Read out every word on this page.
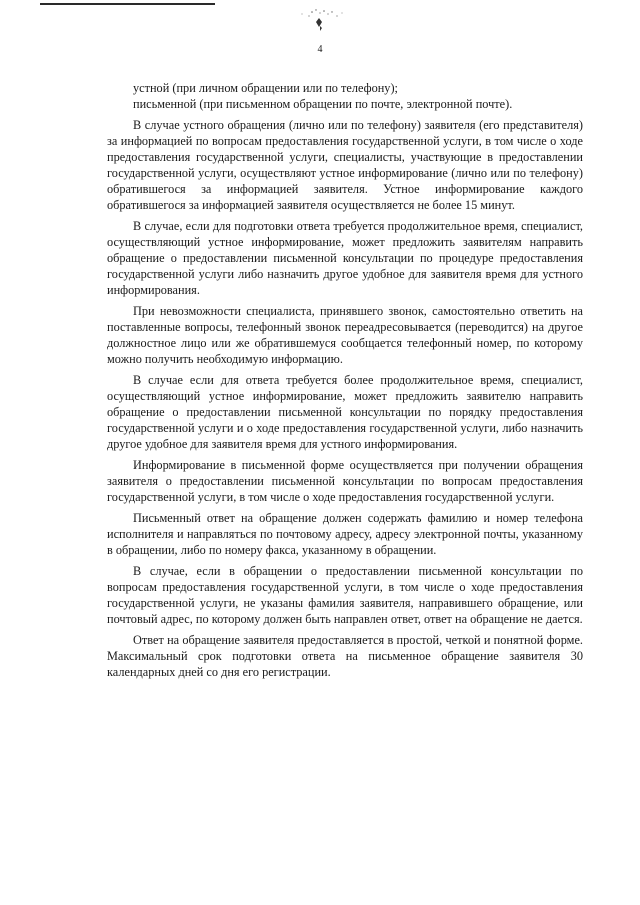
4

устной (при личном обращении или по телефону);

письменной (при письменном обращении по почте, электронной почте).

В случае устного обращения (лично или по телефону) заявителя (его представителя) за информацией по вопросам предоставления государственной услуги, в том числе о ходе предоставления государственной услуги, специалисты, участвующие в предоставлении государственной услуги, осуществляют устное информирование (лично или по телефону) обратившегося за информацией заявителя. Устное информирование каждого обратившегося за информацией заявителя осуществляется не более 15 минут.

В случае, если для подготовки ответа требуется продолжительное время, специалист, осуществляющий устное информирование, может предложить заявителям направить обращение о предоставлении письменной консультации по процедуре предоставления государственной услуги либо назначить другое удобное для заявителя время для устного информирования.

При невозможности специалиста, принявшего звонок, самостоятельно ответить на поставленные вопросы, телефонный звонок переадресовывается (переводится) на другое должностное лицо или же обратившемуся сообщается телефонный номер, по которому можно получить необходимую информацию.

В случае если для ответа требуется более продолжительное время, специалист, осуществляющий устное информирование, может предложить заявителю направить обращение о предоставлении письменной консультации по порядку предоставления государственной услуги и о ходе предоставления государственной услуги, либо назначить другое удобное для заявителя время для устного информирования.

Информирование в письменной форме осуществляется при получении обращения заявителя о предоставлении письменной консультации по вопросам предоставления государственной услуги, в том числе о ходе предоставления государственной услуги.

Письменный ответ на обращение должен содержать фамилию и номер телефона исполнителя и направляться по почтовому адресу, адресу электронной почты, указанному в обращении, либо по номеру факса, указанному в обращении.

В случае, если в обращении о предоставлении письменной консультации по вопросам предоставления государственной услуги, в том числе о ходе предоставления государственной услуги, не указаны фамилия заявителя, направившего обращение, или почтовый адрес, по которому должен быть направлен ответ, ответ на обращение не дается.

Ответ на обращение заявителя предоставляется в простой, четкой и понятной форме. Максимальный срок подготовки ответа на письменное обращение заявителя 30 календарных дней со дня его регистрации.
